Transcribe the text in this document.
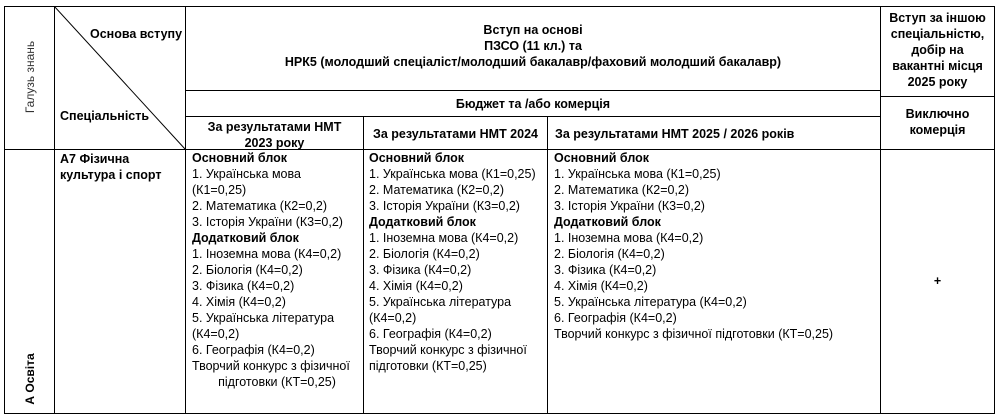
Галузь знань
Основа вступу
Спеціальність
Вступ на основі
ПЗСО (11 кл.) та
НРК5 (молодший спеціаліст/молодший бакалавр/фаховий молодший бакалавр)
Вступ за іншою
спеціальністю,
добір на
вакантні місця
2025 року
Бюджет та /або комерція
За результатами НМТ
2023 року
За результатами НМТ 2024	За результатами НМТ 2025 / 2026 років
Виключно
комерція
А Освіта
А7 Фізична
культура і спорт
Основний блок
1. Українська мова
(К1=0,25)
2. Математика (К2=0,2)
3. Історія України (К3=0,2)
Додатковий блок
1. Іноземна мова (К4=0,2)
2. Біологія (К4=0,2)
3. Фізика (К4=0,2)
4. Хімія (К4=0,2)
5. Українська література
(К4=0,2)
6. Географія (К4=0,2)
Творчий конкурс з фізичної
підготовки (КТ=0,25)
Основний блок
1. Українська мова (К1=0,25)
2. Математика (К2=0,2)
3. Історія України (К3=0,2)
Додатковий блок
1. Іноземна мова (К4=0,2)
2. Біологія (К4=0,2)
3. Фізика (К4=0,2)
4. Хімія (К4=0,2)
5. Українська література
(К4=0,2)
6. Географія (К4=0,2)
Творчий конкурс з фізичної
підготовки (КТ=0,25)
Основний блок
1. Українська мова (К1=0,25)
2. Математика (К2=0,2)
3. Історія України (К3=0,2)
Додатковий блок
1. Іноземна мова (К4=0,2)
2. Біологія (К4=0,2)
3. Фізика (К4=0,2)
4. Хімія (К4=0,2)
5. Українська література (К4=0,2)
6. Географія (К4=0,2)
Творчий конкурс з фізичної підготовки (КТ=0,25)
+
